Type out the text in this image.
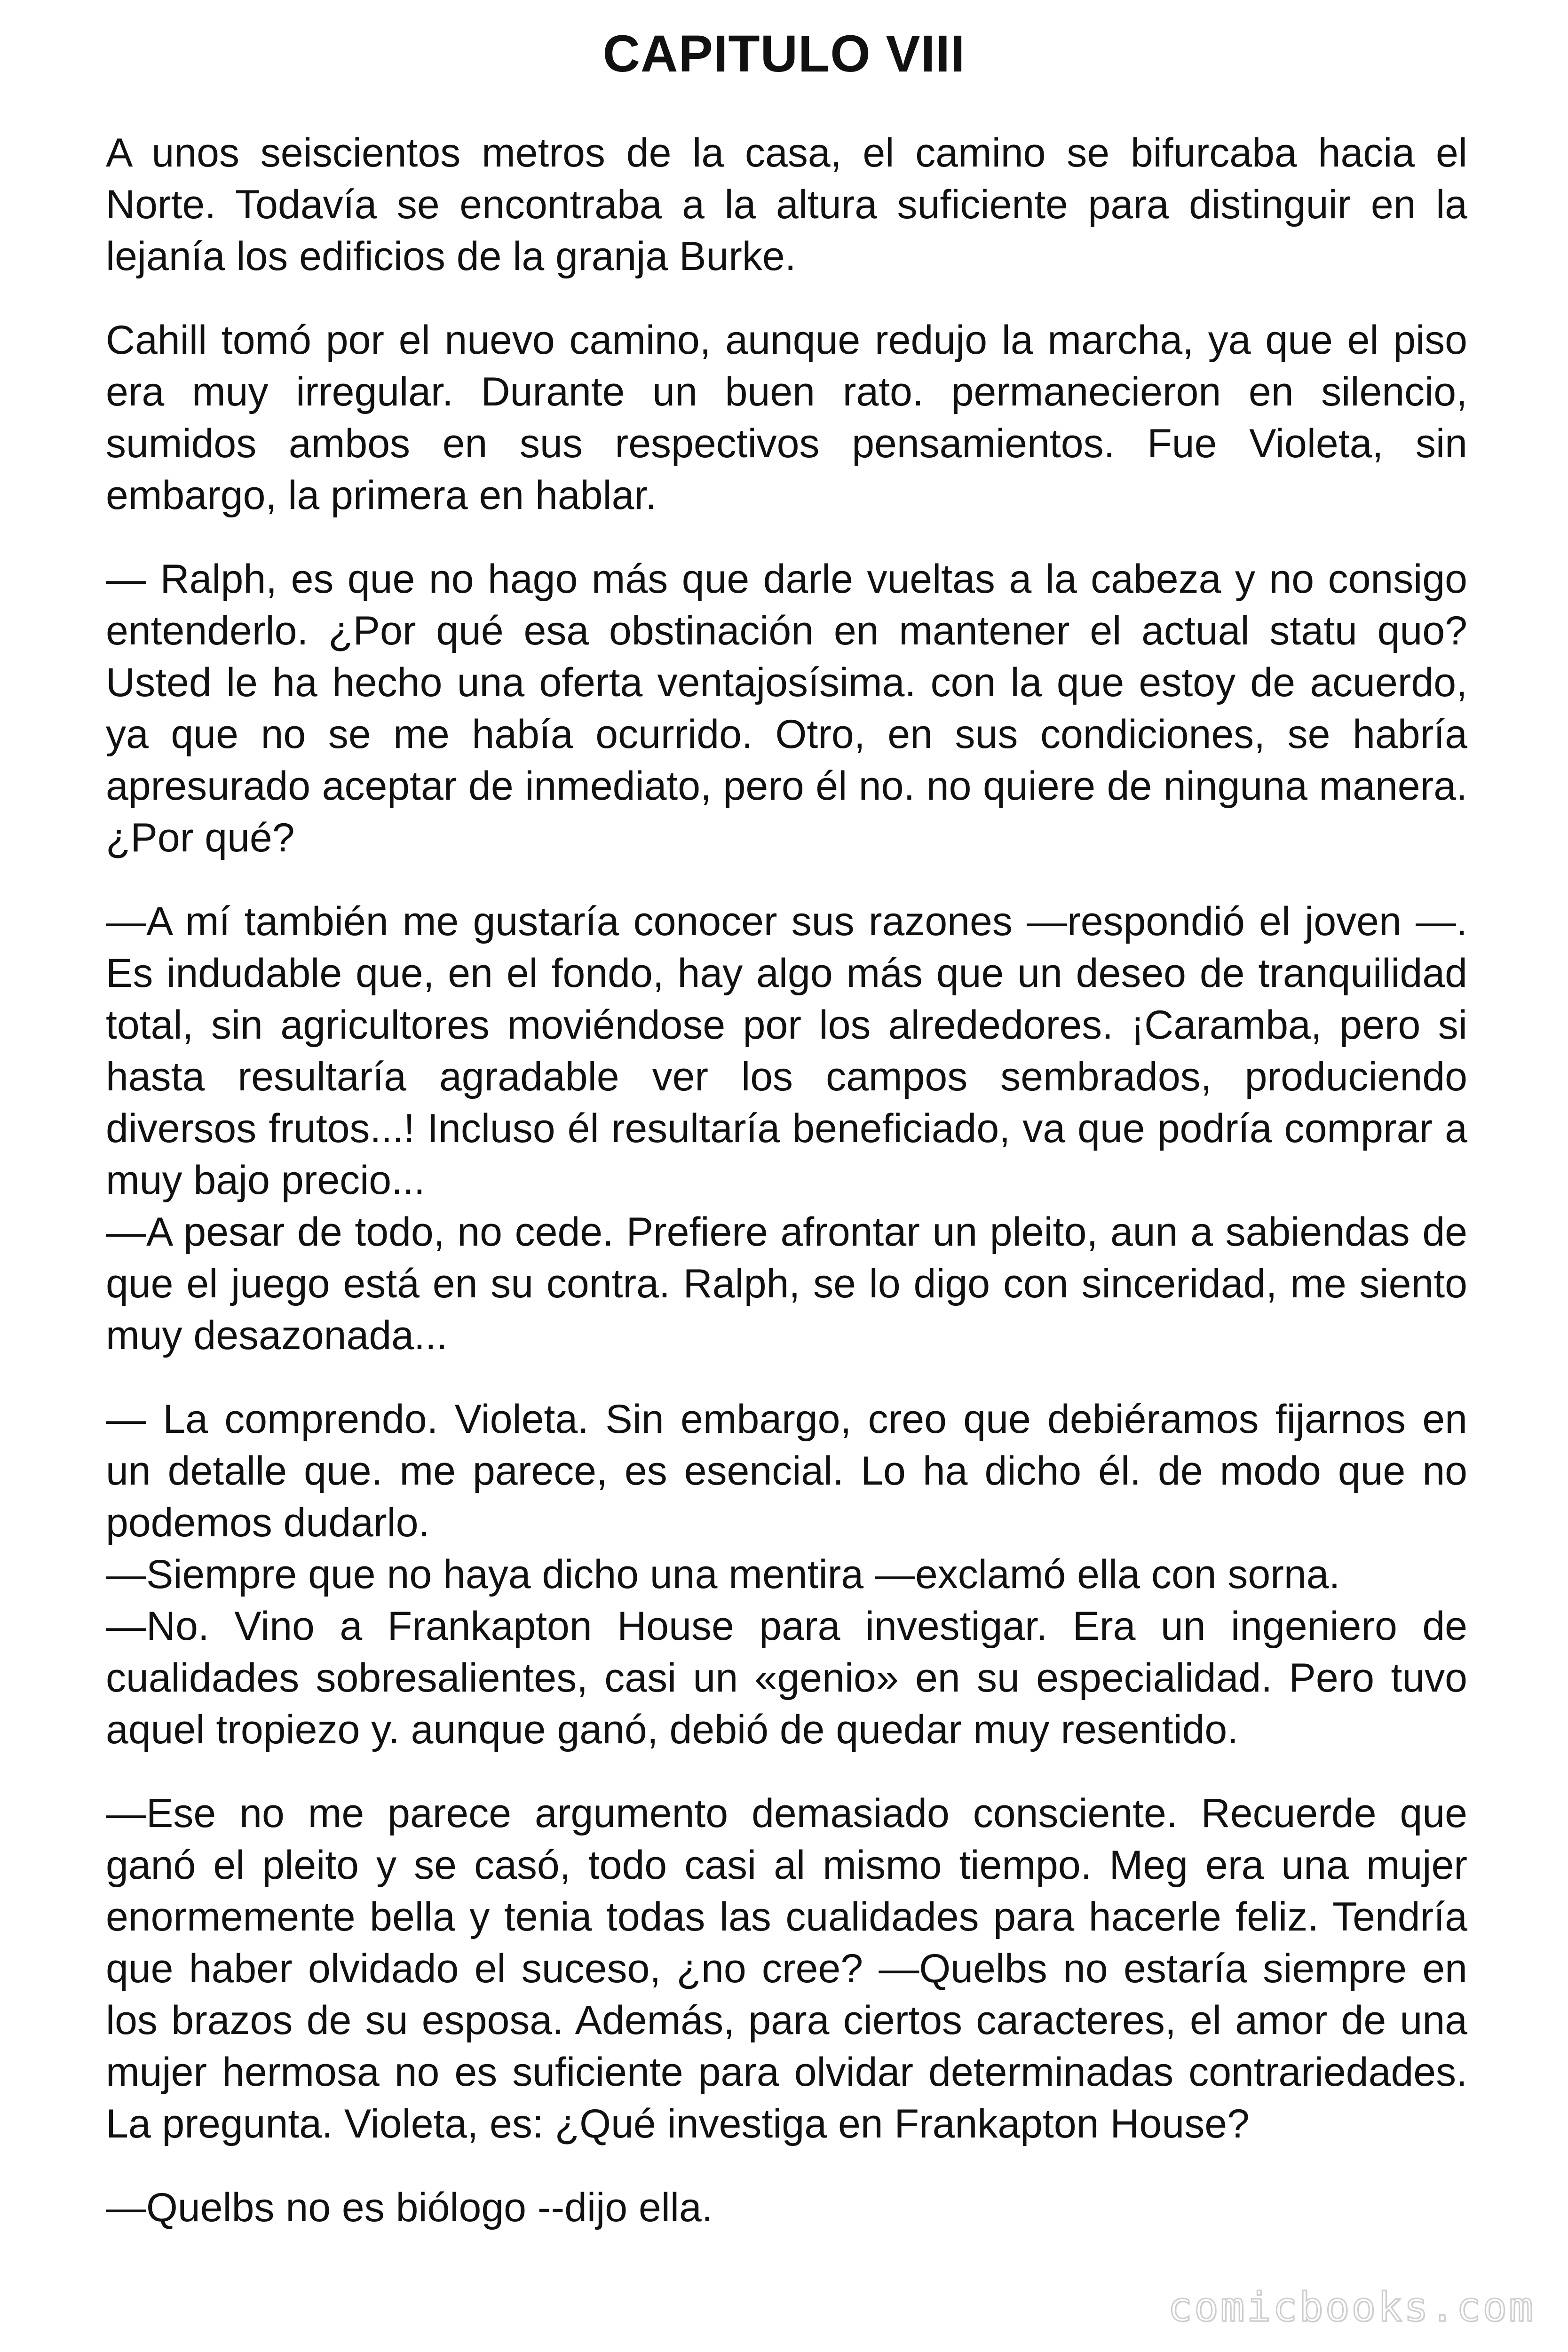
CAPITULO VIII

A unos seiscientos metros de la casa, el camino se bifurcaba hacia el Norte. Todavía se encontraba a la altura suficiente para distinguir en la lejanía los edificios de la granja Burke.

Cahill tomó por el nuevo camino, aunque redujo la marcha, ya que el piso era muy irregular. Durante un buen rato. permanecieron en silencio, sumidos ambos en sus respectivos pensamientos. Fue Violeta, sin embargo, la primera en hablar.

— Ralph, es que no hago más que darle vueltas a la cabeza y no consigo entenderlo. ¿Por qué esa obstinación en mantener el actual statu quo? Usted le ha hecho una oferta ventajosísima. con la que estoy de acuerdo, ya que no se me había ocurrido. Otro, en sus condiciones, se habría apresurado aceptar de inmediato, pero él no. no quiere de ninguna manera. ¿Por qué?

—A mí también me gustaría conocer sus razones —respondió el joven —. Es indudable que, en el fondo, hay algo más que un deseo de tranquilidad total, sin agricultores moviéndose por los alrededores. ¡Caramba, pero si hasta resultaría agradable ver los campos sembrados, produciendo diversos frutos...! Incluso él resultaría beneficiado, va que podría comprar a muy bajo precio...

—A pesar de todo, no cede. Prefiere afrontar un pleito, aun a sabiendas de que el juego está en su contra. Ralph, se lo digo con sinceridad, me siento muy desazonada...

— La comprendo. Violeta. Sin embargo, creo que debiéramos fijarnos en un detalle que. me parece, es esencial. Lo ha dicho él. de modo que no podemos dudarlo.

—Siempre que no haya dicho una mentira —exclamó ella con sorna.

—No. Vino a Frankapton House para investigar. Era un ingeniero de cualidades sobresalientes, casi un «genio» en su especialidad. Pero tuvo aquel tropiezo y. aunque ganó, debió de quedar muy resentido.

—Ese no me parece argumento demasiado consciente. Recuerde que ganó el pleito y se casó, todo casi al mismo tiempo. Meg era una mujer enormemente bella y tenia todas las cualidades para hacerle feliz. Tendría que haber olvidado el suceso, ¿no cree? —Quelbs no estaría siempre en los brazos de su esposa. Además, para ciertos caracteres, el amor de una mujer hermosa no es suficiente para olvidar determinadas contrariedades. La pregunta. Violeta, es: ¿Qué investiga en Frankapton House?

—Quelbs no es biólogo --dijo ella.

comicbooks.com
